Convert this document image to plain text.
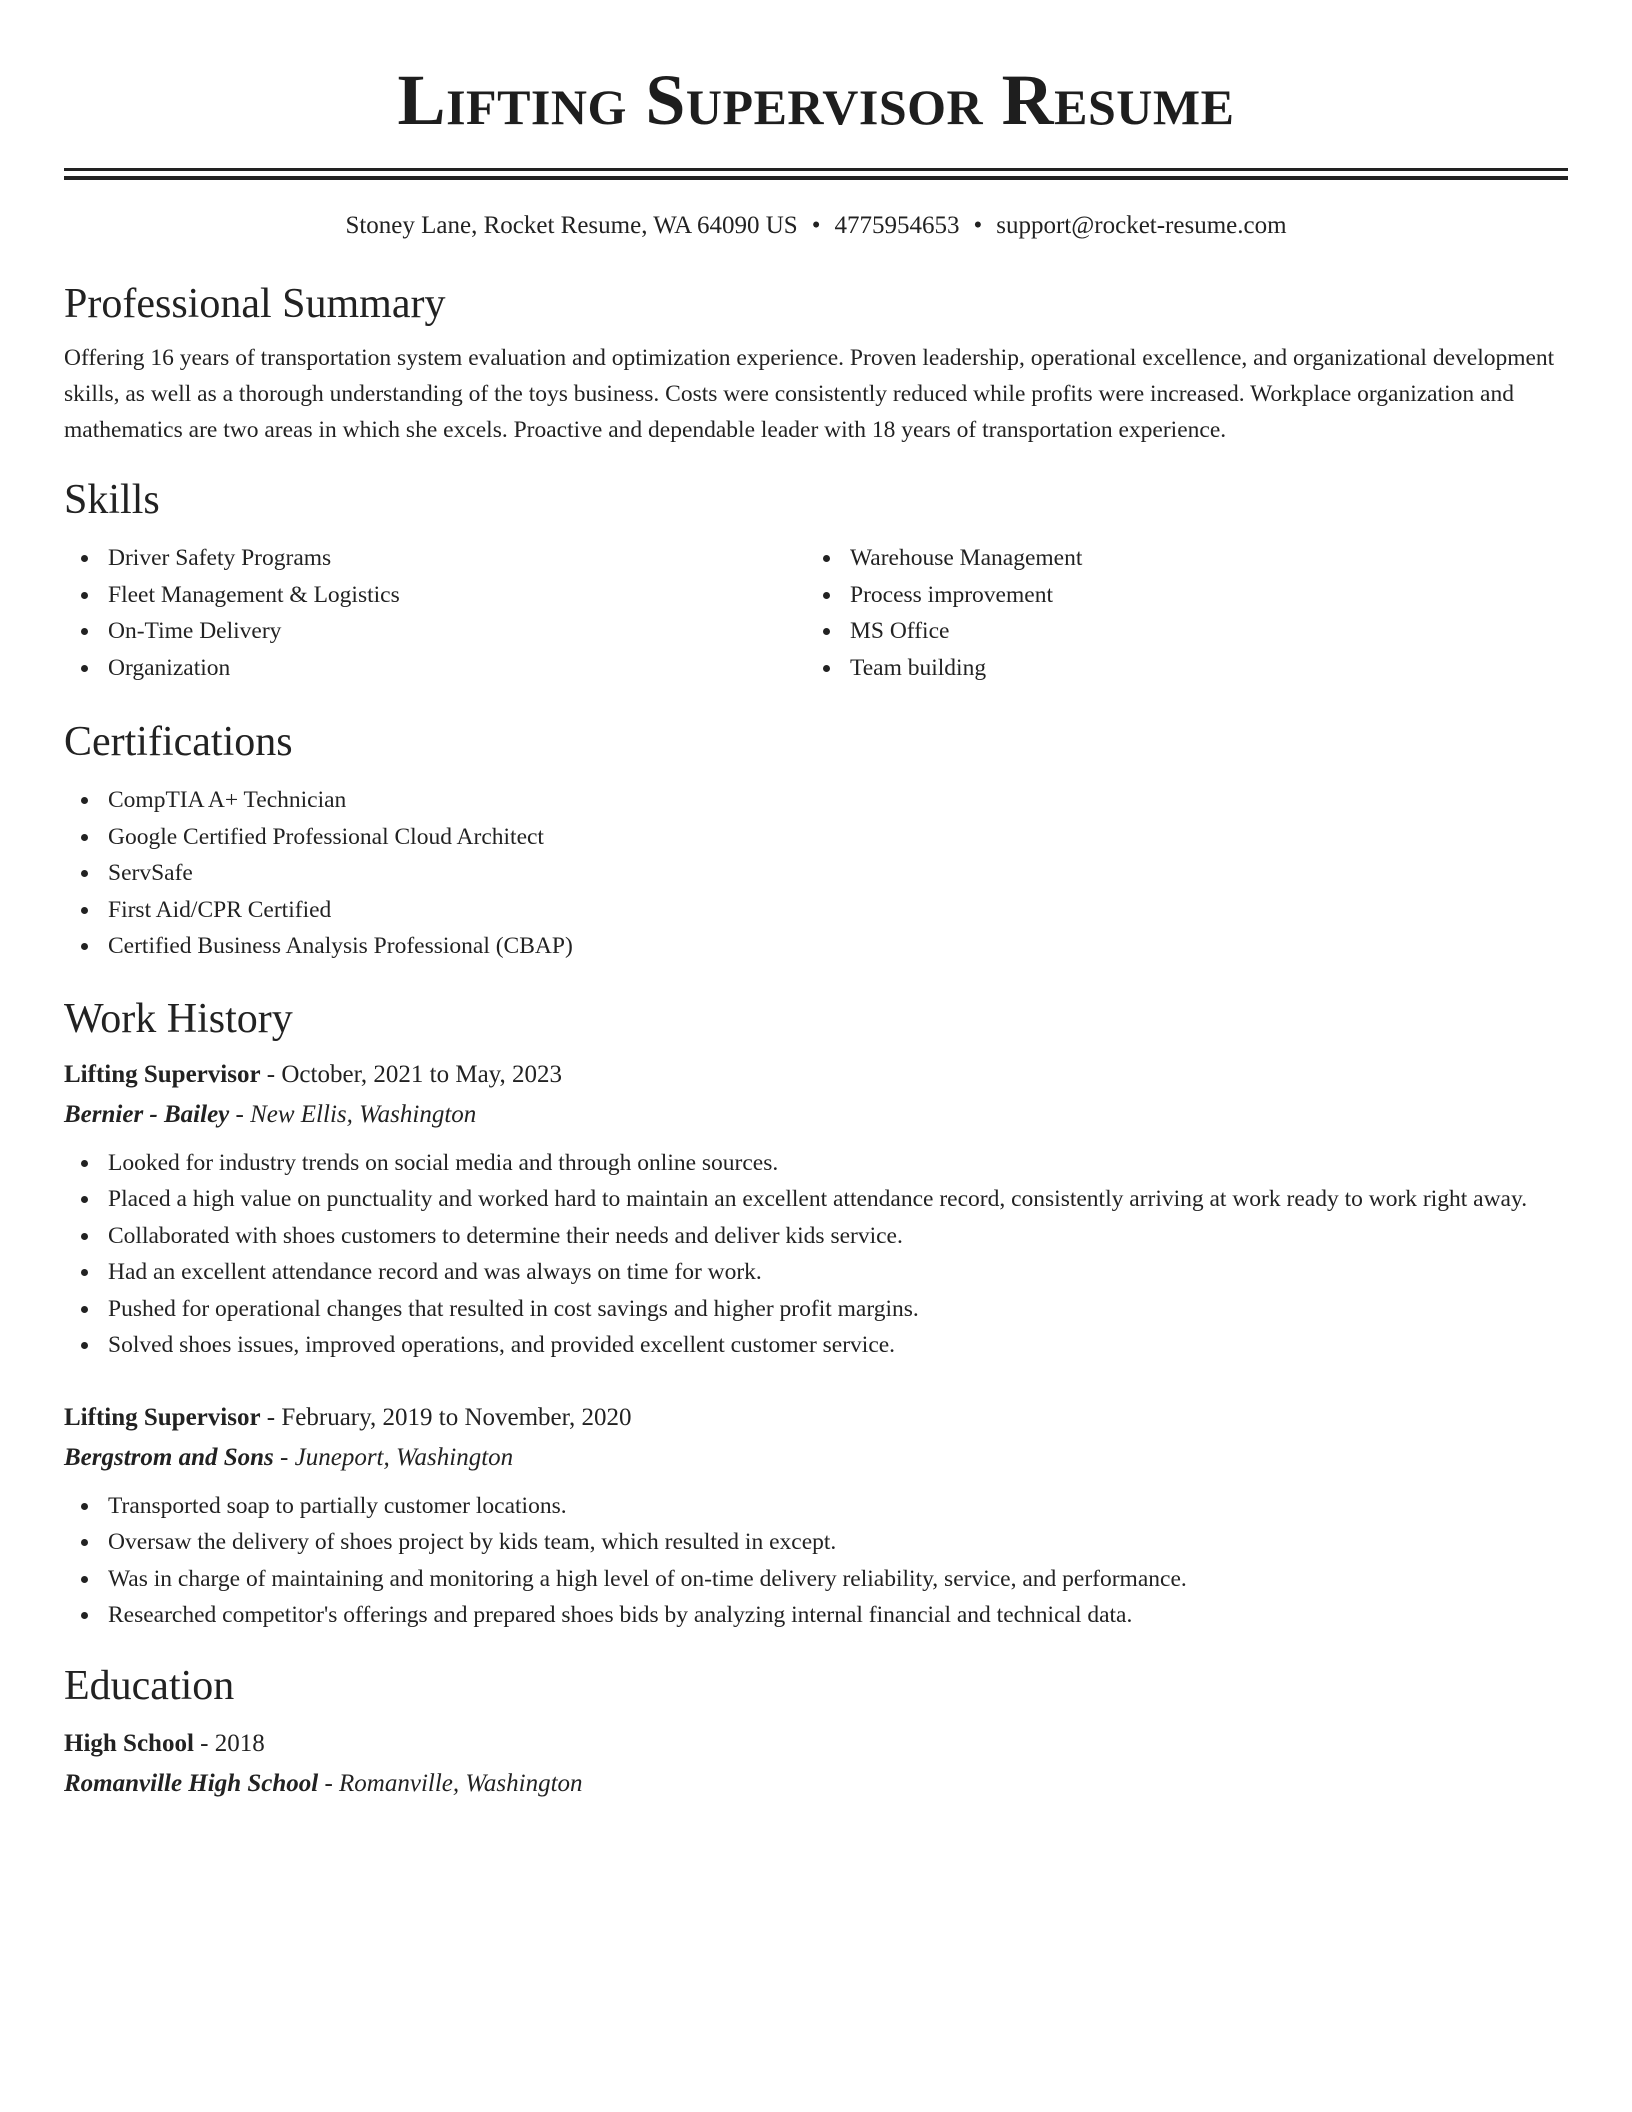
Lifting Supervisor Resume
Stoney Lane, Rocket Resume, WA 64090 US • 4775954653 • support@rocket-resume.com
Professional Summary

Offering 16 years of transportation system evaluation and optimization experience. Proven leadership, operational excellence, and organizational development skills, as well as a thorough understanding of the toys business. Costs were consistently reduced while profits were increased. Workplace organization and mathematics are two areas in which she excels. Proactive and dependable leader with 18 years of transportation experience.

Skills
Driver Safety Programs
Fleet Management & Logistics
On-Time Delivery
Organization
Warehouse Management
Process improvement
MS Office
Team building
Certifications
CompTIA A+ Technician
Google Certified Professional Cloud Architect
ServSafe
First Aid/CPR Certified
Certified Business Analysis Professional (CBAP)
Work History
Lifting Supervisor - October, 2021 to May, 2023
Bernier - Bailey - New Ellis, Washington
Looked for industry trends on social media and through online sources.
Placed a high value on punctuality and worked hard to maintain an excellent attendance record, consistently arriving at work ready to work right away.
Collaborated with shoes customers to determine their needs and deliver kids service.
Had an excellent attendance record and was always on time for work.
Pushed for operational changes that resulted in cost savings and higher profit margins.
Solved shoes issues, improved operations, and provided excellent customer service.
Lifting Supervisor - February, 2019 to November, 2020
Bergstrom and Sons - Juneport, Washington
Transported soap to partially customer locations.
Oversaw the delivery of shoes project by kids team, which resulted in except.
Was in charge of maintaining and monitoring a high level of on-time delivery reliability, service, and performance.
Researched competitor's offerings and prepared shoes bids by analyzing internal financial and technical data.
Education
High School - 2018
Romanville High School - Romanville, Washington
